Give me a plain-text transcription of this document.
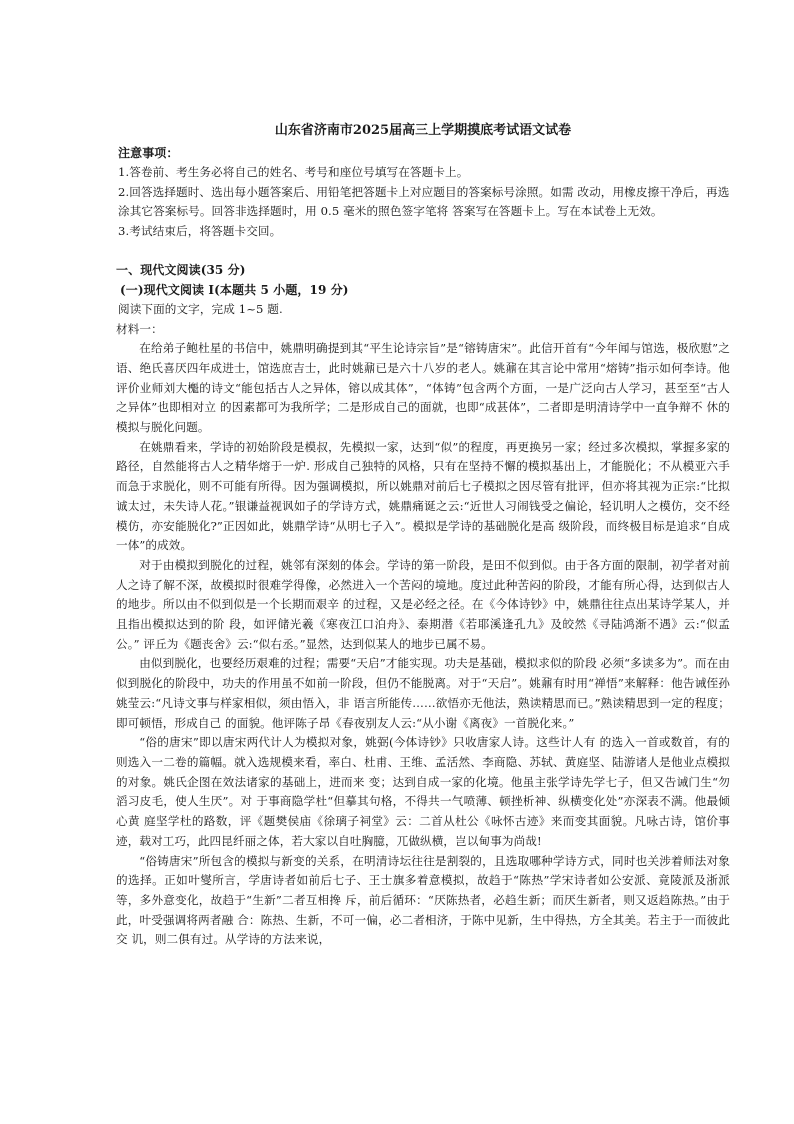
山东省济南市2025届高三上学期摸底考试语文试卷
注意事项：

1.答卷前、考生务必将自己的姓名、考号和座位号填写在答题卡上。

2.回答选择题时、选出每小题答案后、用铅笔把答题卡上对应题目的答案标号涂照。如需 改动，用橡皮擦干净后，再选涂其它答案标号。回答非选择题时，用 0.5 毫米的照色签字笔将 答案写在答题卡上。写在本试卷上无效。

3.考试结束后，将答题卡交回。

一、现代文阅读(35 分)

(一)现代文阅读 I(本题共 5 小题，19 分)

阅读下面的文字，完成 1~5 题.

材料一：

在给弟子鲍杜星的书信中，姚鼎明确提到其“平生论诗宗旨”是“镕铸唐宋”。此信开首有“今年闻与馆选，极欣慰”之语、绝氏喜厌四年成进士，馆选庶吉士，此时姚鼐已是六十八岁的老人。姚鼐在其言论中常用“熔铸”指示如何李诗。他评价业师刘大櫆的诗文“能包括古人之异体，镕以成其体”，“体铸”包含两个方面，一是广泛向古人学习，甚至至“古人之异体”也即相对立 的因素都可为我所学；二是形成自己的面就，也即“成甚体”，二者即是明清诗学中一直争辩不 休的模拟与脱化问题。

在姚鼎看来，学诗的初始阶段是模叔，先模拟一家，达到“似”的程度，再更换另一家；经过多次模拟，掌握多家的路径，自然能将古人之精华熔于一炉. 形成自己独特的风格，只有在坚持不懈的模拟基出上，才能脱化；不从模亚六手而急于求脱化，则不可能有所得。因为强调模拟，所以姚鼎对前后七子模拟之因尽管有批评，但亦将其视为正宗:“比拟诚太过，未失诗人花。”银谦益视讽如子的学诗方式，姚鼎痛诞之云:“近世人习闹钱受之偏论，轻讥明人之模仿，交不经模仿，亦安能脱化?”正因如此，姚鼎学诗“从明七子入”。模拟是学诗的基础脱化是高 级阶段，而终极目标是追求“自成一体”的成效。

对于由模拟到脱化的过程，姚邻有深刻的体会。学诗的第一阶段，是田不似到似。由于各方面的限制，初学者对前人之诗了解不深，故模拟时很难学得像，必然进入一个苦闷的境地。度过此种苦闷的阶段，才能有所心得，达到似古人的地步。所以由不似到似是一个长期而艰辛 的过程，又是必经之径。在《今体诗钞》中，姚鼎往往点出某诗学某人，并且指出模拟达到的阶 段，如评储光羲《寒夜江口泊舟》、泰期潜《若耶溪逢孔九》及皎然《寻陆鸿渐不遇》云:“似孟公。” 评丘为《题丧舍》云:“似右丞。”显然，达到似某人的地步已属不易。

由似到脱化，也要经历艰难的过程；需要“天启”才能实现。功夫是基础，模拟求似的阶段 必须“多读多为”。而在由似到脱化的阶段中，功夫的作用虽不如前一阶段，但仍不能脱离。对于“天启”。姚鼐有时用“禅悟”来解释：他告诫侄孙姚莹云:“凡诗文事与样家相似，须由悟入，非 语言所能传……欲悟亦无他法，熟读精思而已。”熟读精思到一定的程度；即可顿悟，形成自己 的面貌。他评陈子昂《春夜别友人云:“从小谢《离夜》一首脱化来。”

“俗的唐宋”即以唐宋两代计人为模拟对象，姚弼(今体诗钞》只收唐家人诗。这些计人有 的选入一首或数首，有的则选入一二卷的篇幅。就入选规模来看，率白、杜甫、王维、孟活然、李商隐、苏轼、黄庭坚、陆游诸人是他业点模拟的对象。姚氏企图在效法诸家的基础上，进而来 变；达到自成一家的化境。他虽主张学诗先学七子，但又告诫门生“勿滔习皮毛，使人生厌”。对 于事商隐学杜“但摹其句格，不得共一气喷薄、顿挫析神、纵横变化处”亦深表不满。他最倾心黄 庭坚学杜的路数，评《题樊侯庙《徐璃子祠堂》云：二首从杜公《咏怀古迹》来而变其面貌。凡咏古诗，馆价事迹，载对工巧，此四昆纤丽之体，若大家以自吐胸臆，兀做纵横，岂以甸事为尚哉!

“俗铸唐宋”所包含的模拟与新变的关系，在明清诗坛往往是割裂的，且选取哪种学诗方式，同时也关涉着师法对象的选择。正如叶燮所言，学唐诗者如前后七子、王士旗多着意模拟，故趋于“陈热”学宋诗者如公安派、竟陵派及浙派等，多外意变化，故趋于“生新”二者互相搀 斥，前后循环：“厌陈热者，必趋生新；而厌生新者，则又返趋陈热。”由于此，叶受强调将两者融 合：陈热、生新，不可一偏，必二者相济，于陈中见新，生中得热，方全其美。若主于一而彼此交 讥，则二俱有过。从学诗的方法来说，
